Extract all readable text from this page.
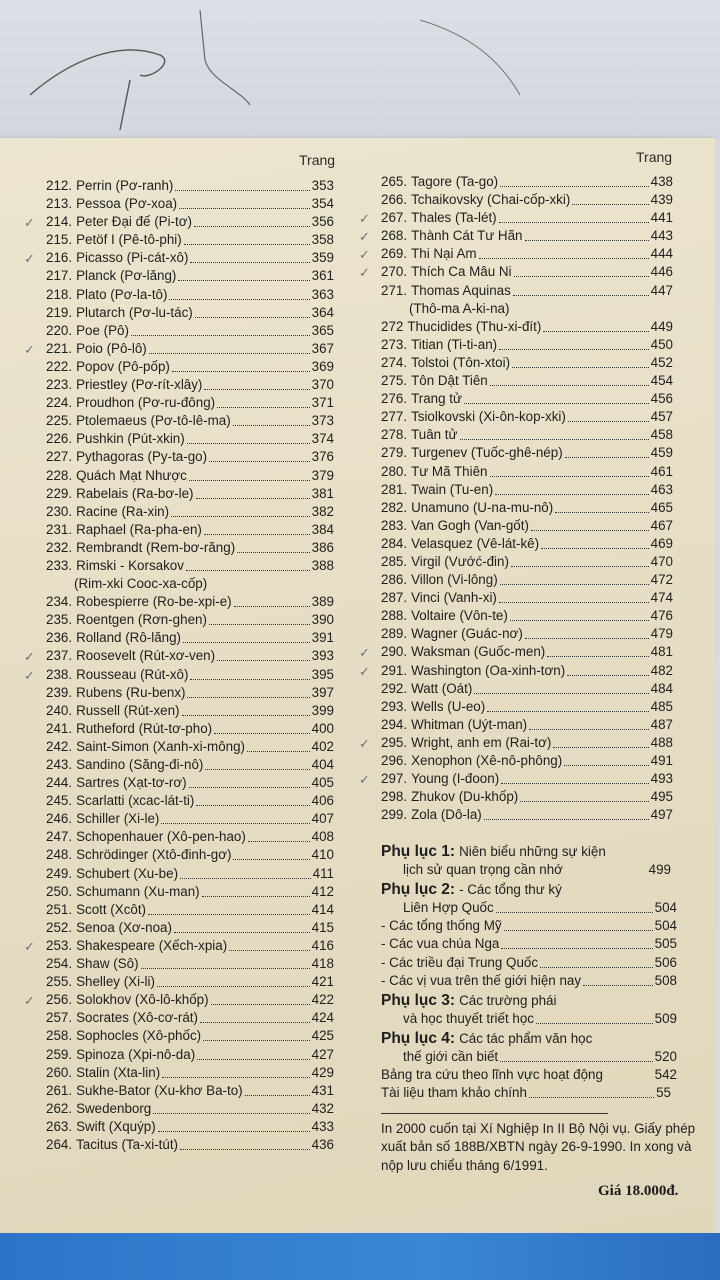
Trang	Trang
212. Perrin (Pơ-ranh)	353
213. Pessoa (Pơ-xoa)	354
✓ 214. Peter Đại đế (Pi-tơ)	356
215. Petöf I (Pê-tô-phi)	358
✓ 216. Picasso (Pi-cát-xô)	359
217. Planck (Pơ-lăng)	361
218. Plato (Pơ-la-tô)	363
219. Plutarch (Pơ-lu-tác)	364
220. Poe (Pô)	365
✓ 221. Poio (Pô-lô)	367
222. Popov (Pô-pốp)	369
223. Priestley (Pơ-rít-xlây)	370
224. Proudhon (Pơ-ru-đông)	371
225. Ptolemaeus (Pơ-tô-lê-ma)	373
226. Pushkin (Pút-xkin)	374
227. Pythagoras (Py-ta-go)	376
228. Quách Mạt Nhược	379
229. Rabelais (Ra-bơ-le)	381
230. Racine (Ra-xin)	382
231. Raphael (Ra-pha-en)	384
232. Rembrandt (Rem-bơ-răng)	386
233. Rimski - Korsakov	388
(Rim-xki Cooc-xa-cốp)
234. Robespierre (Ro-be-xpi-e)	389
235. Roentgen (Rơn-ghen)	390
236. Rolland (Rô-lăng)	391
✓ 237. Roosevelt (Rút-xơ-ven)	393
✓ 238. Rousseau (Rút-xô)	395
239. Rubens (Ru-benx)	397
240. Russell (Rút-xen)	399
241. Rutheford (Rút-tơ-pho)	400
242. Saint-Simon (Xanh-xi-mông)	402
243. Sandino (Săng-đi-nô)	404
244. Sartres (Xạt-tơ-rơ)	405
245. Scarlatti (xcac-lát-ti)	406
246. Schiller (Xi-le)	407
247. Schopenhauer (Xô-pen-hao)	408
248. Schrödinger (Xtô-đinh-gơ)	410
249. Schubert (Xu-be)	411
250. Schumann (Xu-man)	412
251. Scott (Xcôt)	414
252. Senoa (Xơ-noa)	415
✓ 253. Shakespeare (Xếch-xpia)	416
254. Shaw (Sô)	418
255. Shelley (Xi-li)	421
✓ 256. Solokhov (Xô-lô-khốp)	422
257. Socrates (Xô-cơ-rát)	424
258. Sophocles (Xô-phốc)	425
259. Spinoza (Xpi-nô-da)	427
260. Stalin (Xta-lin)	429
261. Sukhe-Bator (Xu-khơ Ba-to)	431
262. Swedenborg	432
263. Swift (Xquýp)	433
264. Tacitus (Ta-xi-tút)	436
265. Tagore (Ta-go)	438
266. Tchaikovsky (Chai-cốp-xki)	439
✓ 267. Thales (Ta-lét)	441
✓ 268. Thành Cát Tư Hãn	443
✓ 269. Thi Nại Am	444
✓ 270. Thích Ca Mâu Ni	446
271. Thomas Aquinas	447
(Thô-ma A-ki-na)
272 Thucidides (Thu-xi-đít)	449
273. Titian (Ti-ti-an)	450
274. Tolstoi (Tôn-xtoi)	452
275. Tôn Dật Tiên	454
276. Trang tử	456
277. Tsiolkovski (Xi-ôn-kop-xki)	457
278. Tuân tử	458
279. Turgenev (Tuốc-ghê-nép)	459
280. Tư Mã Thiên	461
281. Twain (Tu-en)	463
282. Unamuno (U-na-mu-nô)	465
283. Van Gogh (Van-gốt)	467
284. Velasquez (Vê-lát-kê)	469
285. Virgil (Vướć-đin)	470
286. Villon (Vi-lông)	472
287. Vinci (Vanh-xi)	474
288. Voltaire (Vôn-te)	476
289. Wagner (Guác-nơ)	479
✓ 290. Waksman (Guốc-men)	481
✓ 291. Washington (Oa-xinh-tơn)	482
292. Watt (Oát)	484
293. Wells (U-eo)	485
294. Whitman (Uýt-man)	487
✓ 295. Wright, anh em (Rai-tơ)	488
296. Xenophon (Xê-nô-phông)	491
✓ 297. Young (I-đoon)	493
298. Zhukov (Du-khốp)	495
299. Zola (Dô-la)	497
Phụ lục 1: Niên biểu những sự kiện
lịch sử quan trọng cần nhớ	499
Phụ lục 2: - Các tổng thư ký
Liên Hợp Quốc	504
- Các tổng thống Mỹ	504
- Các vua chúa Nga	505
- Các triều đại Trung Quốc	506
- Các vị vua trên thế giới hiện nay	508
Phụ lục 3: Các trường phái
và học thuyết triết học	509
Phụ lục 4: Các tác phẩm văn học
thế giới cần biết	520
Bảng tra cứu theo lĩnh vực hoạt động	542
Tài liệu tham khảo chính	55
In 2000 cuốn tại Xí Nghiệp In II Bộ Nội vụ. Giấy phép xuất bản số 188B/XBTN ngày 26-9-1990. In xong và nộp lưu chiểu tháng 6/1991.
Giá 18.000đ.
